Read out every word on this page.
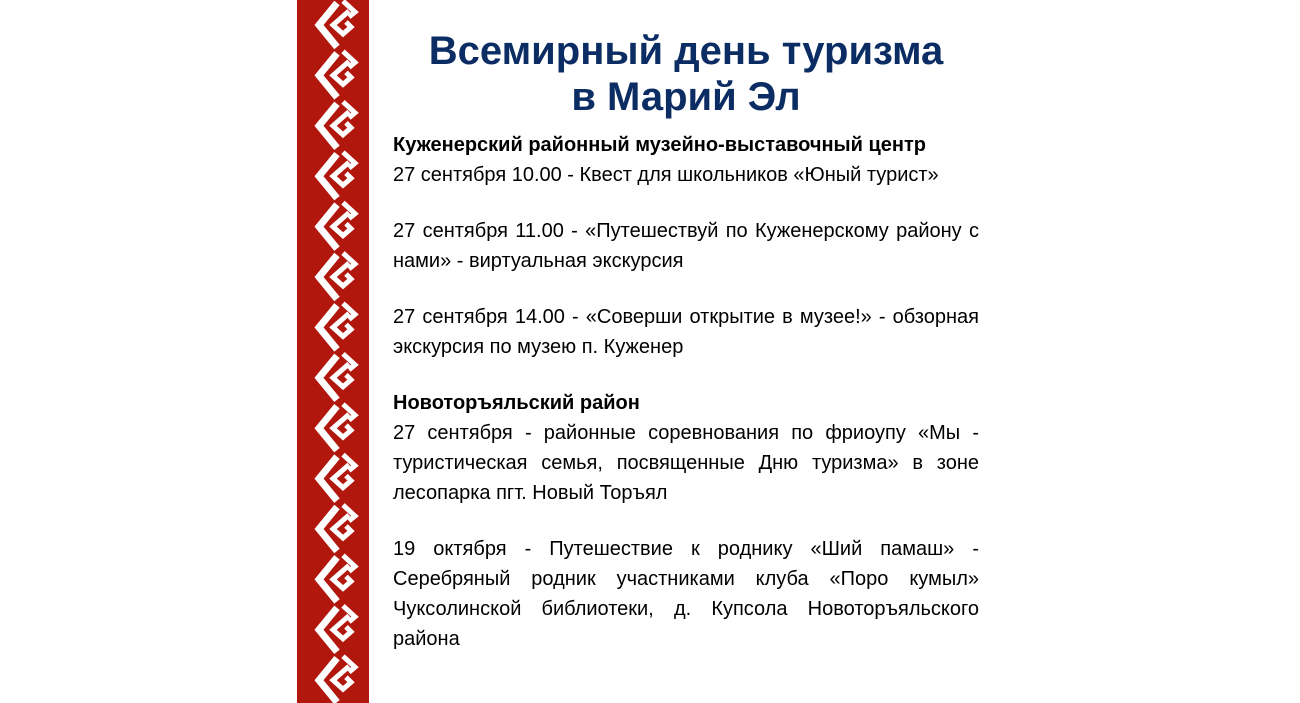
Всемирный день туризма
в Марий Эл
Куженерский районный музейно-выставочный центр
27 сентября 10.00 - Квест для школьников «Юный турист»
27 сентября 11.00 - «Путешествуй по Куженерскому району с нами» - виртуальная экскурсия
27 сентября 14.00 - «Соверши открытие в музее!» - обзорная экскурсия по музею п. Куженер
Новоторъяльский район
27 сентября - районные соревнования по фриоупу «Мы - туристическая семья, посвященные Дню туризма» в зоне лесопарка пгт. Новый Торъял
19 октября - Путешествие к роднику «Ший памаш» - Серебряный родник участниками клуба «Поро кумыл» Чуксолинской библиотеки, д. Купсола Новоторъяльского района
